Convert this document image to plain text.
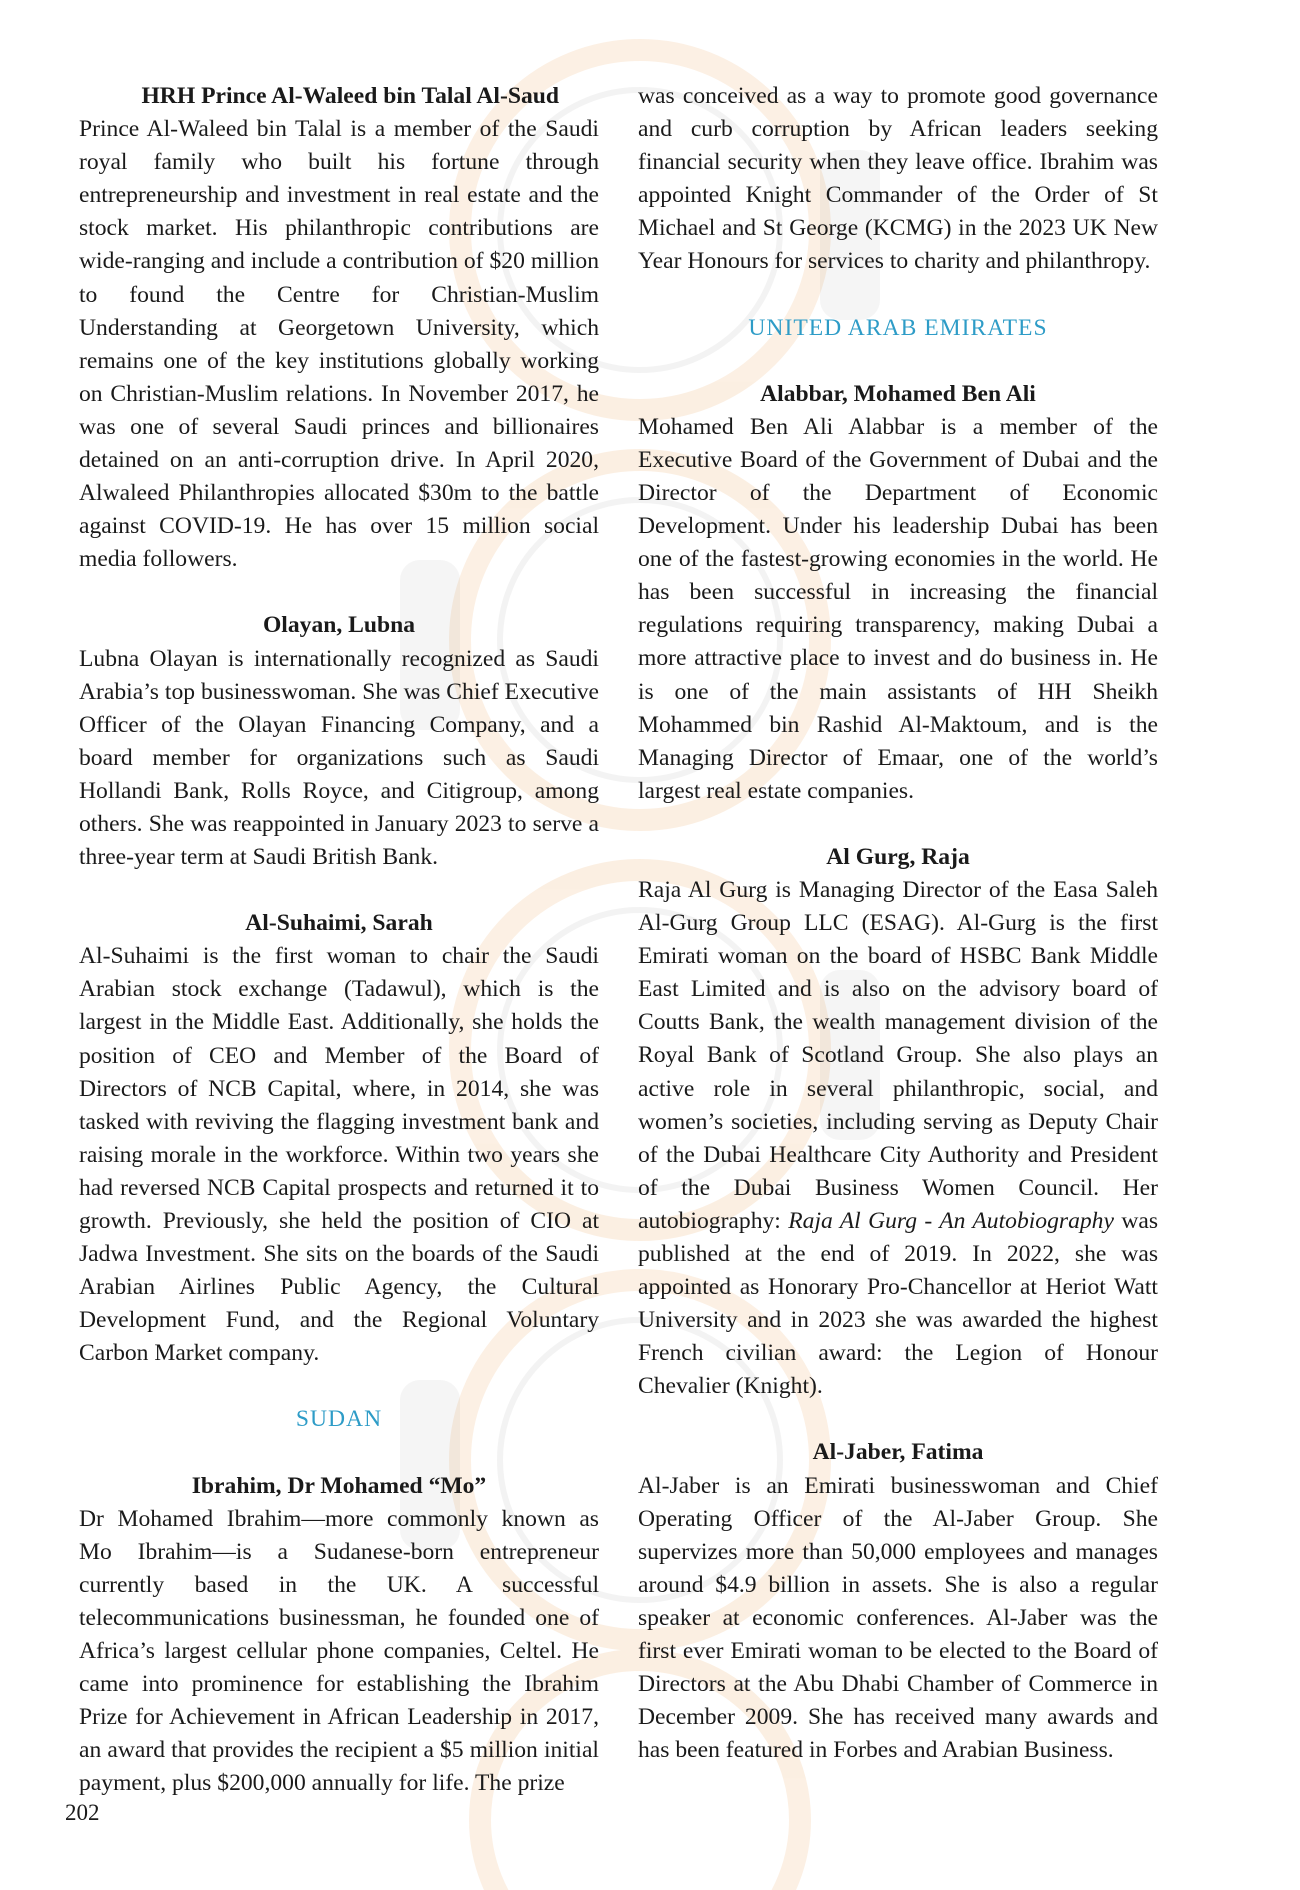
HRH Prince Al-Waleed bin Talal Al-Saud

Prince Al-Waleed bin Talal is a member of the Saudi royal family who built his fortune through entrepreneurship and investment in real estate and the stock market. His philanthropic contributions are wide-ranging and include a contribution of $20 million to found the Centre for Christian-Muslim Understanding at Georgetown University, which remains one of the key institutions globally working on Christian-Muslim relations. In November 2017, he was one of several Saudi princes and billionaires detained on an anti-corruption drive. In April 2020, Alwaleed Philanthropies allocated $30m to the battle against COVID-19. He has over 15 million social media followers.

Olayan, Lubna

Lubna Olayan is internationally recognized as Saudi Arabia’s top businesswoman. She was Chief Executive Officer of the Olayan Financing Company, and a board member for organizations such as Saudi Hollandi Bank, Rolls Royce, and Citigroup, among others. She was reappointed in January 2023 to serve a three-year term at Saudi British Bank.

Al-Suhaimi, Sarah

Al-Suhaimi is the first woman to chair the Saudi Arabian stock exchange (Tadawul), which is the largest in the Middle East. Additionally, she holds the position of CEO and Member of the Board of Directors of NCB Capital, where, in 2014, she was tasked with reviving the flagging investment bank and raising morale in the workforce. Within two years she had reversed NCB Capital prospects and returned it to growth. Previously, she held the position of CIO at Jadwa Investment. She sits on the boards of the Saudi Arabian Airlines Public Agency, the Cultural Development Fund, and the Regional Voluntary Carbon Market company.

SUDAN

Ibrahim, Dr Mohamed “Mo”

Dr Mohamed Ibrahim—more commonly known as Mo Ibrahim—is a Sudanese-born entrepreneur currently based in the UK. A successful telecommunications businessman, he founded one of Africa’s largest cellular phone companies, Celtel. He came into prominence for establishing the Ibrahim Prize for Achievement in African Leadership in 2017, an award that provides the recipient a $5 million initial payment, plus $200,000 annually for life. The prize

was conceived as a way to promote good governance and curb corruption by African leaders seeking financial security when they leave office. Ibrahim was appointed Knight Commander of the Order of St Michael and St George (KCMG) in the 2023 UK New Year Honours for services to charity and philanthropy.

UNITED ARAB EMIRATES

Alabbar, Mohamed Ben Ali

Mohamed Ben Ali Alabbar is a member of the Executive Board of the Government of Dubai and the Director of the Department of Economic Development. Under his leadership Dubai has been one of the fastest-growing economies in the world. He has been successful in increasing the financial regulations requiring transparency, making Dubai a more attractive place to invest and do business in. He is one of the main assistants of HH Sheikh Mohammed bin Rashid Al-Maktoum, and is the Managing Director of Emaar, one of the world’s largest real estate companies.

Al Gurg, Raja

Raja Al Gurg is Managing Director of the Easa Saleh Al-Gurg Group LLC (ESAG). Al-Gurg is the first Emirati woman on the board of HSBC Bank Middle East Limited and is also on the advisory board of Coutts Bank, the wealth management division of the Royal Bank of Scotland Group. She also plays an active role in several philanthropic, social, and women’s societies, including serving as Deputy Chair of the Dubai Healthcare City Authority and President of the Dubai Business Women Council. Her autobiography: Raja Al Gurg - An Autobiography was published at the end of 2019. In 2022, she was appointed as Honorary Pro-Chancellor at Heriot Watt University and in 2023 she was awarded the highest French civilian award: the Legion of Honour Chevalier (Knight).

Al-Jaber, Fatima

Al-Jaber is an Emirati businesswoman and Chief Operating Officer of the Al-Jaber Group. She supervizes more than 50,000 employees and manages around $4.9 billion in assets. She is also a regular speaker at economic conferences. Al-Jaber was the first ever Emirati woman to be elected to the Board of Directors at the Abu Dhabi Chamber of Commerce in December 2009. She has received many awards and has been featured in Forbes and Arabian Business.

202
